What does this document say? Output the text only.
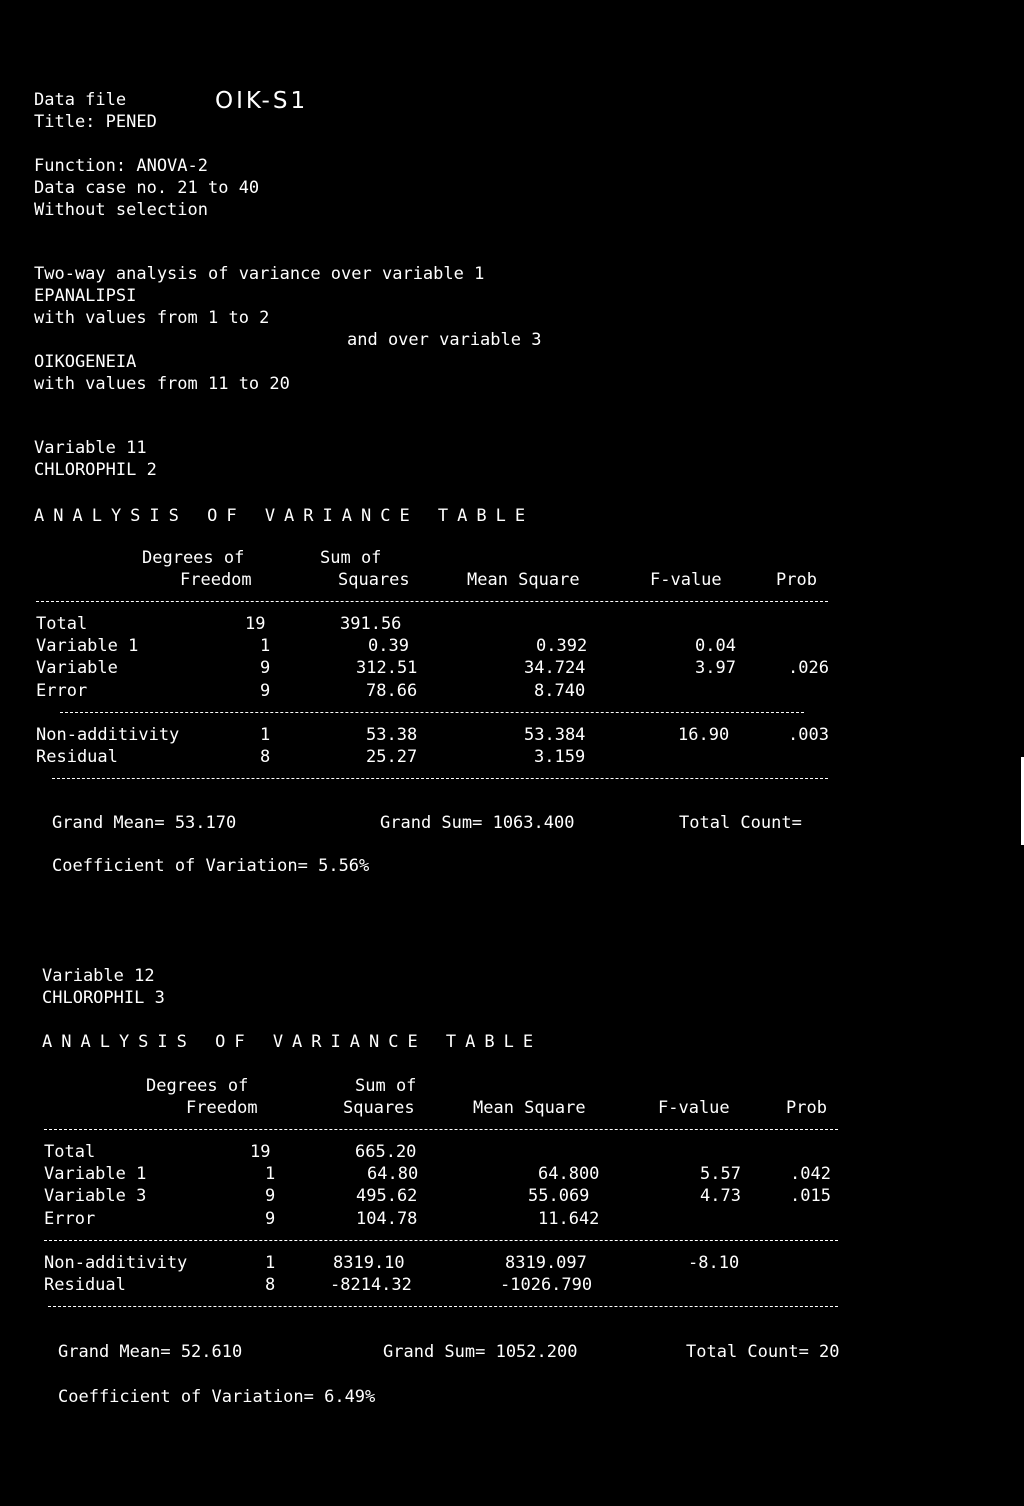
Data file	OIK-S1
Title: PENED
Function: ANOVA-2
Data case no. 21 to 40
Without selection
Two-way analysis of variance over variable 1
EPANALIPSI
with values from 1 to 2
and over variable 3
OIKOGENEIA
with values from 11 to 20
Variable 11
CHLOROPHIL 2
ANALYSIS OF VARIANCE TABLE
Degrees of	Sum of
Freedom	Squares	Mean Square	F-value	Prob
Total	19	391.56
Variable 1	1	0.39	0.392	0.04
Variable	9	312.51	34.724	3.97	.026
Error	9	78.66	8.740
Non-additivity	1	53.38	53.384	16.90	.003
Residual	8	25.27	3.159
Grand Mean= 53.170	Grand Sum= 1063.400	Total Count=
Coefficient of Variation= 5.56%
Variable 12
CHLOROPHIL 3
ANALYSIS OF VARIANCE TABLE
Degrees of	Sum of
Freedom	Squares	Mean Square	F-value	Prob
Total	19	665.20
Variable 1	1	64.80	64.800	5.57	.042
Variable 3	9	495.62	55.069	4.73	.015
Error	9	104.78	11.642
Non-additivity	1	8319.10	8319.097	-8.10
Residual	8	-8214.32	-1026.790
Grand Mean= 52.610	Grand Sum= 1052.200	Total Count= 20
Coefficient of Variation= 6.49%
